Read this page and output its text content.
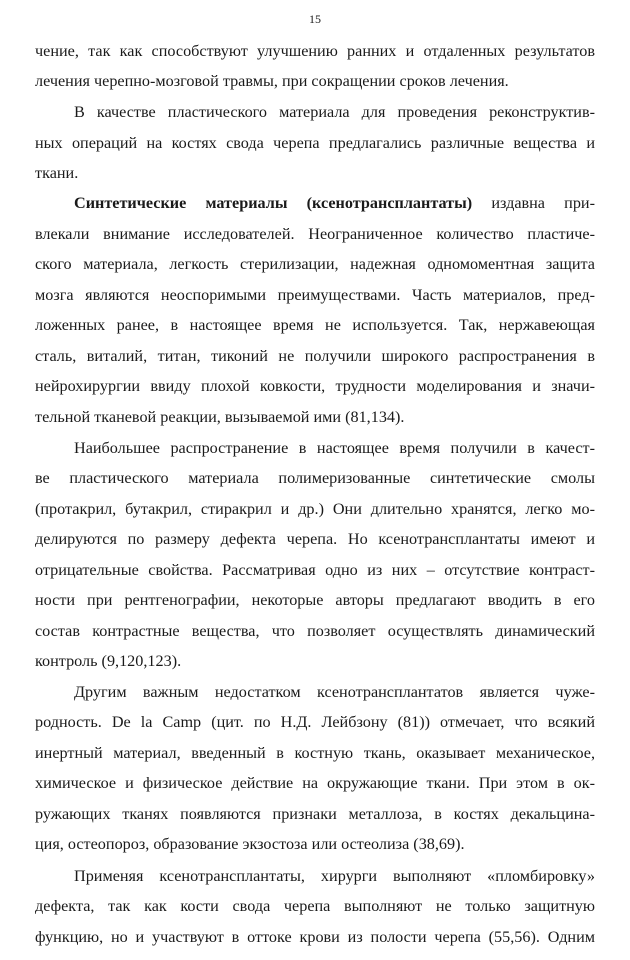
15
чение, так как способствуют улучшению ранних и отдаленных результатов
лечения черепно-мозговой травмы, при сокращении сроков лечения.
В качестве пластического материала для проведения реконструктив-
ных операций на костях свода черепа предлагались различные вещества и
ткани.
Синтетические материалы (ксенотрансплантаты) издавна при-
влекали внимание исследователей. Неограниченное количество пластиче-
ского материала, легкость стерилизации, надежная одномоментная защита
мозга являются неоспоримыми преимуществами. Часть материалов, пред-
ложенных ранее, в настоящее время не используется. Так, нержавеющая
сталь, виталий, титан, тиконий не получили широкого распространения в
нейрохирургии ввиду плохой ковкости, трудности моделирования и значи-
тельной тканевой реакции, вызываемой ими (81,134).
Наибольшее распространение в настоящее время получили в качест-
ве пластического материала полимеризованные синтетические смолы
(протакрил, бутакрил, стиракрил и др.) Они длительно хранятся, легко мо-
делируются по размеру дефекта черепа. Но ксенотрансплантаты имеют и
отрицательные свойства. Рассматривая одно из них – отсутствие контраст-
ности при рентгенографии, некоторые авторы предлагают вводить в его
состав контрастные вещества, что позволяет осуществлять динамический
контроль (9,120,123).
Другим важным недостатком ксенотрансплантатов является чуже-
родность. De la Camp (цит. по Н.Д. Лейбзону (81)) отмечает, что всякий
инертный материал, введенный в костную ткань, оказывает механическое,
химическое и физическое действие на окружающие ткани. При этом в ок-
ружающих тканях появляются признаки металлоза, в костях декальцина-
ция, остеопороз, образование экзостоза или остеолиза (38,69).
Применяя ксенотрансплантаты, хирурги выполняют «пломбировку»
дефекта, так как кости свода черепа выполняют не только защитную
функцию, но и участвуют в оттоке крови из полости черепа (55,56). Одним
